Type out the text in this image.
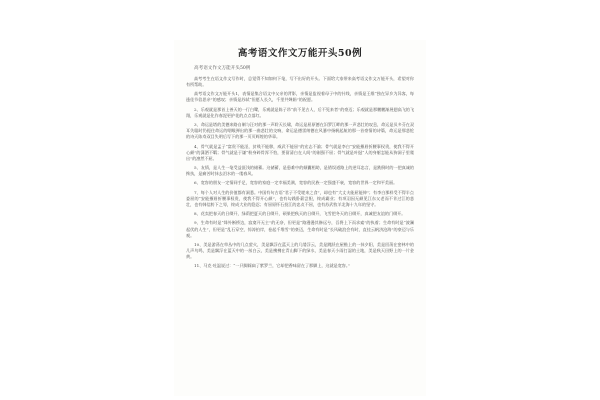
高考语文作文万能开头50例
高考语文作文万能开头50例

高考考生在语文作文写作时，总觉得不知如何下笔，写不出好的开头。下面给大家带来高考语文作文万能开头，希望对你有所帮助。

高考语文作文万能开头1，表情是集合语文中父亲的背影，亲情是监视着母子中的针线，亲情是王维“独在异乡为异客，每逢佳节倍思亲”的感叹；亲情是苏轼“但愿人长久，千里共婵娟”的祝愿。

2、乐观就是那首上善天的一行白鹭，乐观就是陈子昂“前不见古人，后不见来者”的豪迈；乐观就是那鹏鹏渐展翅高飞的飞翔，乐观就是化作春泥更护花的点点落红。

3、命运是塔的美德来路自制与汪对的那一声聆天长啸，命运是屈原德在汨罗江畔的那一声悲壮的叹息，命运是贝多芬在双耳失聪时仍扼住命运的咽喉弹出的那一曲悲壮的交响，命运是德雷纳德在风暴中扬帆起航的那一首豪情的诗篇，命运是那悲怆的诗天陈寿双目失明后写下的那一页页辉煌的华章。

4、骨气就是孟子“富贵不能淫，贫贱不能移，威武不能屈”的宏志不渝；骨气就是李白“安能摧眉折腰事权贵，使我不得开心颜”的潇洒不羁；骨气就是于谦“粉身碎骨浑不怕，要留清白在人间”的刚强不屈；骨气就是叶挺“人的身躯怎能从狗洞子里爬出”的凛然不屈。

5、友情，是人生一笔受益匪浅的储蓄。这储蓄，是患难中的倾囊相助，是错误道路上的逆耳忠言，是跌倒时的一把真诚的搀扶，是痛苦时抹去泪水的一缕春风。

6、宽容的朋友一定情同手足，宽容的家庭一定幸福美满，宽容的民族一定强盛不衰，宽容的世界一定和平美丽。

7、每个人对人生的价值都有洞悉。中国有句古语“君子不受嗟来之食”，却也有“大丈夫能屈能伸”；有李白那样受不得半点委屈的“安能摧眉折腰事权贵，使我不得开心颜”，也有勾践卧薪尝胆，终成霸业；有项羽因无颜见江东父老而不肯过江的悲壮，也有韩信胯下之辱，终成大业的隐忍；有屈原怀石投江的忠贞不屈，也有苏武牧羊北海十九年的坚守。

8、花卖把春天的日缀开，绿荫把夏天的日缀开，硕果把秋天的日缀开，飞雪把冬天的日缀开，真诚把友谊的门缀开。

9、生命有时是“烽外断桥边，寂寞开无主”的无奈，但更是“路漫漫其修远兮，吾将上下而求索”的执着；生命有时是“波澜起伏的人生”，但更是“乱石穿空，惊涛拍岸，卷起千堆雪”的豪迈，生命有时是“长风破浪会有时，直挂云帆济沧海”的豪迈与乐观。

10、美是游荡在草丛中的几点萤火，美是飘浮在蓝天上的几缕浮云，美是跳跃在屋檐上的一抹夕阳，美是回荡在密林中的几声鸟鸣，美是飘浮在蓝天中的一丝白云，美是拂拂在青山脚下的绿水，美是春天小雨打湿的土地，美是秋天田野上的一片金黄。

11、马克·吐温说过：“一只脚踩扁了紫罗兰，它却把香味留在了那脚上，这就是宽容。”
